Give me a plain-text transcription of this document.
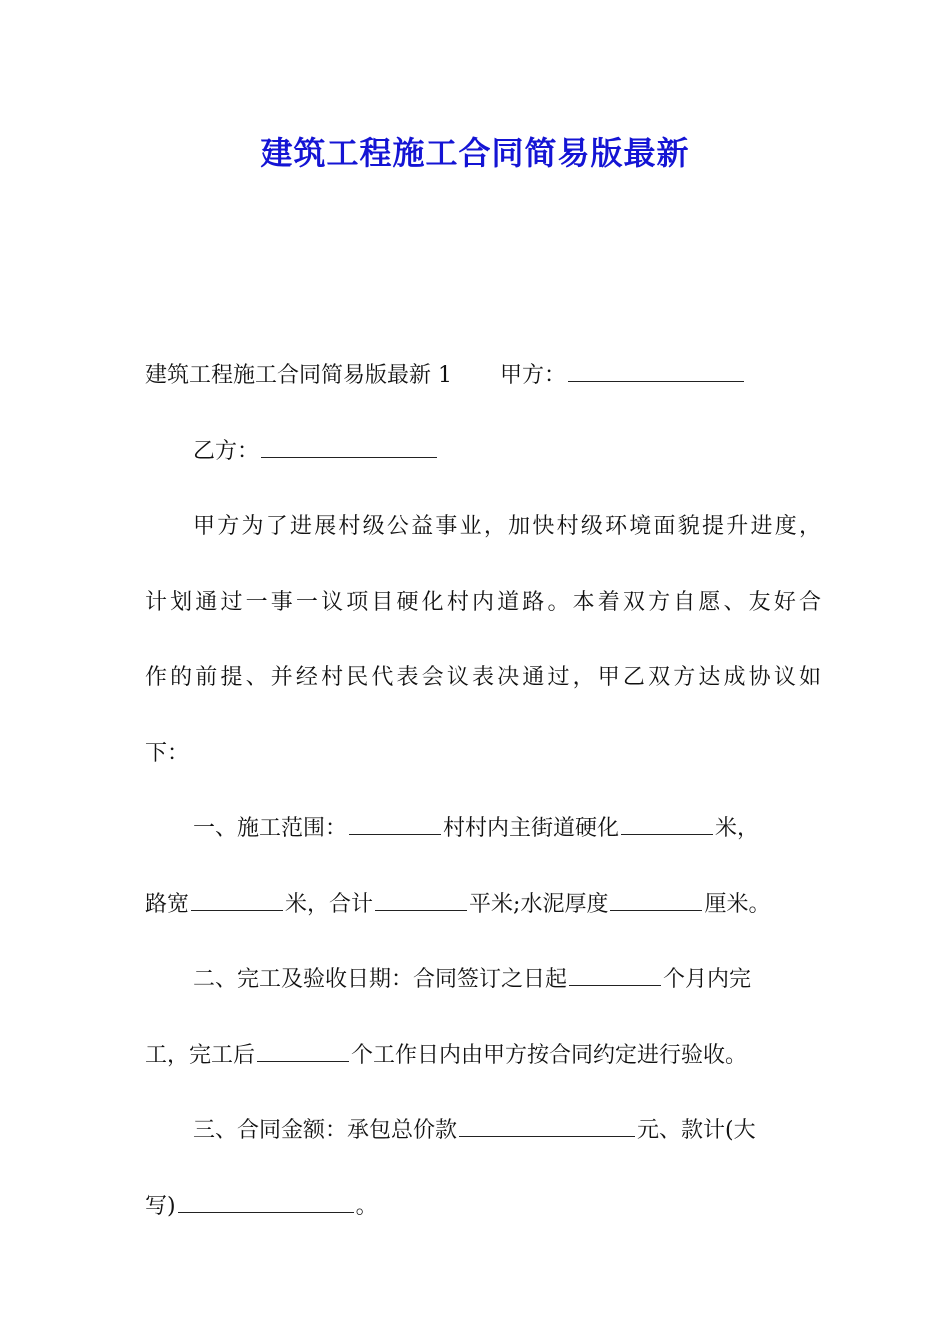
建筑工程施工合同简易版最新
建筑工程施工合同简易版最新 1 甲方：
乙方：
甲方为了进展村级公益事业，加快村级环境面貌提升进度，
计划通过一事一议项目硬化村内道路。本着双方自愿、友好合
作的前提、并经村民代表会议表决通过，甲乙双方达成协议如
下：
一、施工范围：	村村内主街道硬化	米，
路宽	米，合计	平米;水泥厚度	厘米。
二、完工及验收日期：合同签订之日起	个月内完
工，完工后	个工作日内由甲方按合同约定进行验收。
三、合同金额：承包总价款	元、款计(大
写)	。
